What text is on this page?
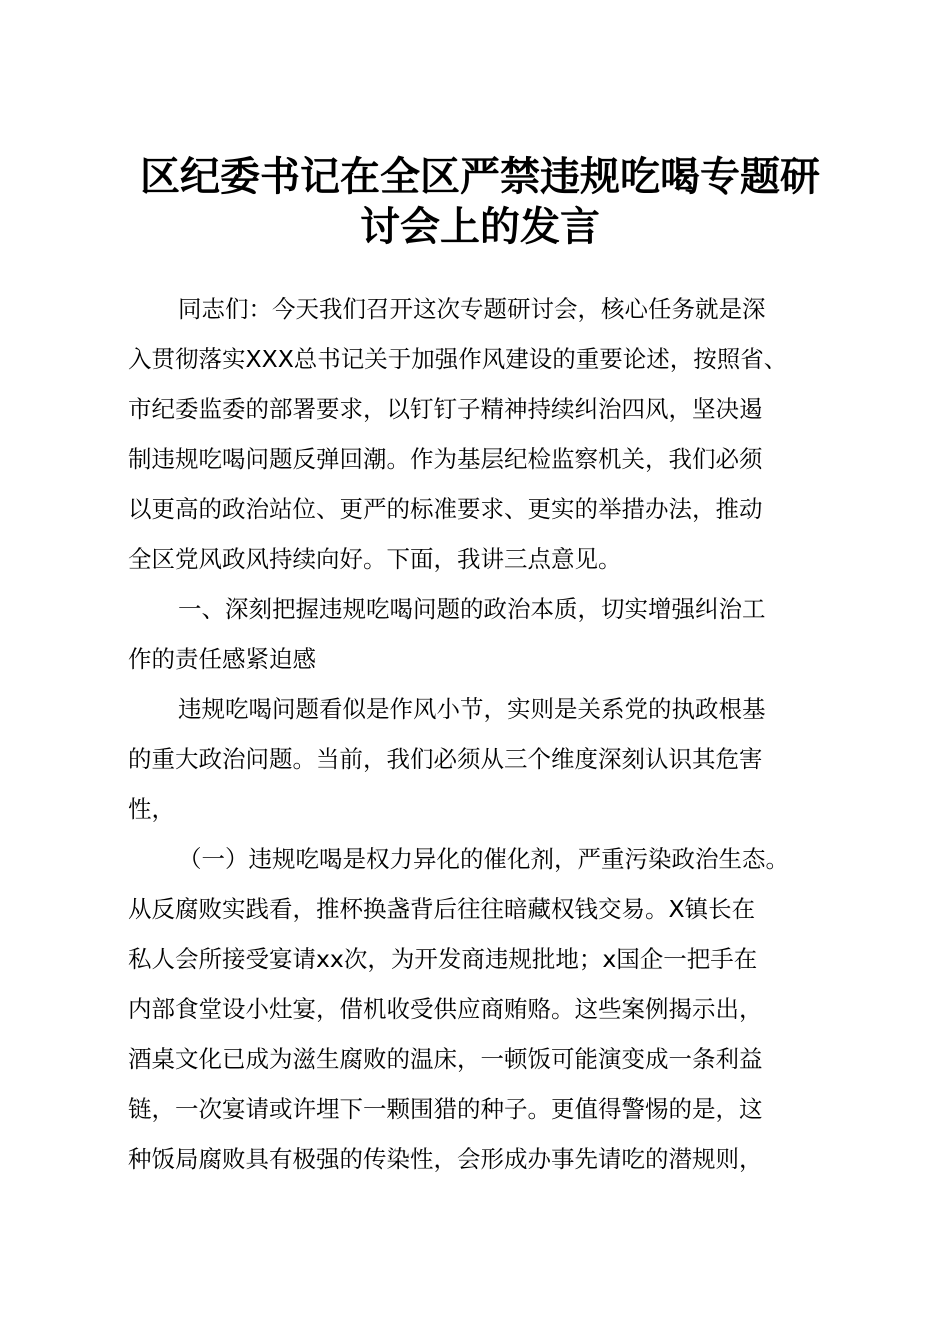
区纪委书记在全区严禁违规吃喝专题研
讨会上的发言
同志们：今天我们召开这次专题研讨会，核心任务就是深
入贯彻落实XXX总书记关于加强作风建设的重要论述，按照省、
市纪委监委的部署要求，以钉钉子精神持续纠治四风，坚决遏
制违规吃喝问题反弹回潮。作为基层纪检监察机关，我们必须
以更高的政治站位、更严的标准要求、更实的举措办法，推动
全区党风政风持续向好。下面，我讲三点意见。
一、深刻把握违规吃喝问题的政治本质，切实增强纠治工
作的责任感紧迫感
违规吃喝问题看似是作风小节，实则是关系党的执政根基
的重大政治问题。当前，我们必须从三个维度深刻认识其危害
性，
（一）违规吃喝是权力异化的催化剂，严重污染政治生态。
从反腐败实践看，推杯换盏背后往往暗藏权钱交易。X镇长在
私人会所接受宴请xx次，为开发商违规批地；x国企一把手在
内部食堂设小灶宴，借机收受供应商贿赂。这些案例揭示出，
酒桌文化已成为滋生腐败的温床，一顿饭可能演变成一条利益
链，一次宴请或许埋下一颗围猎的种子。更值得警惕的是，这
种饭局腐败具有极强的传染性，会形成办事先请吃的潜规则，
